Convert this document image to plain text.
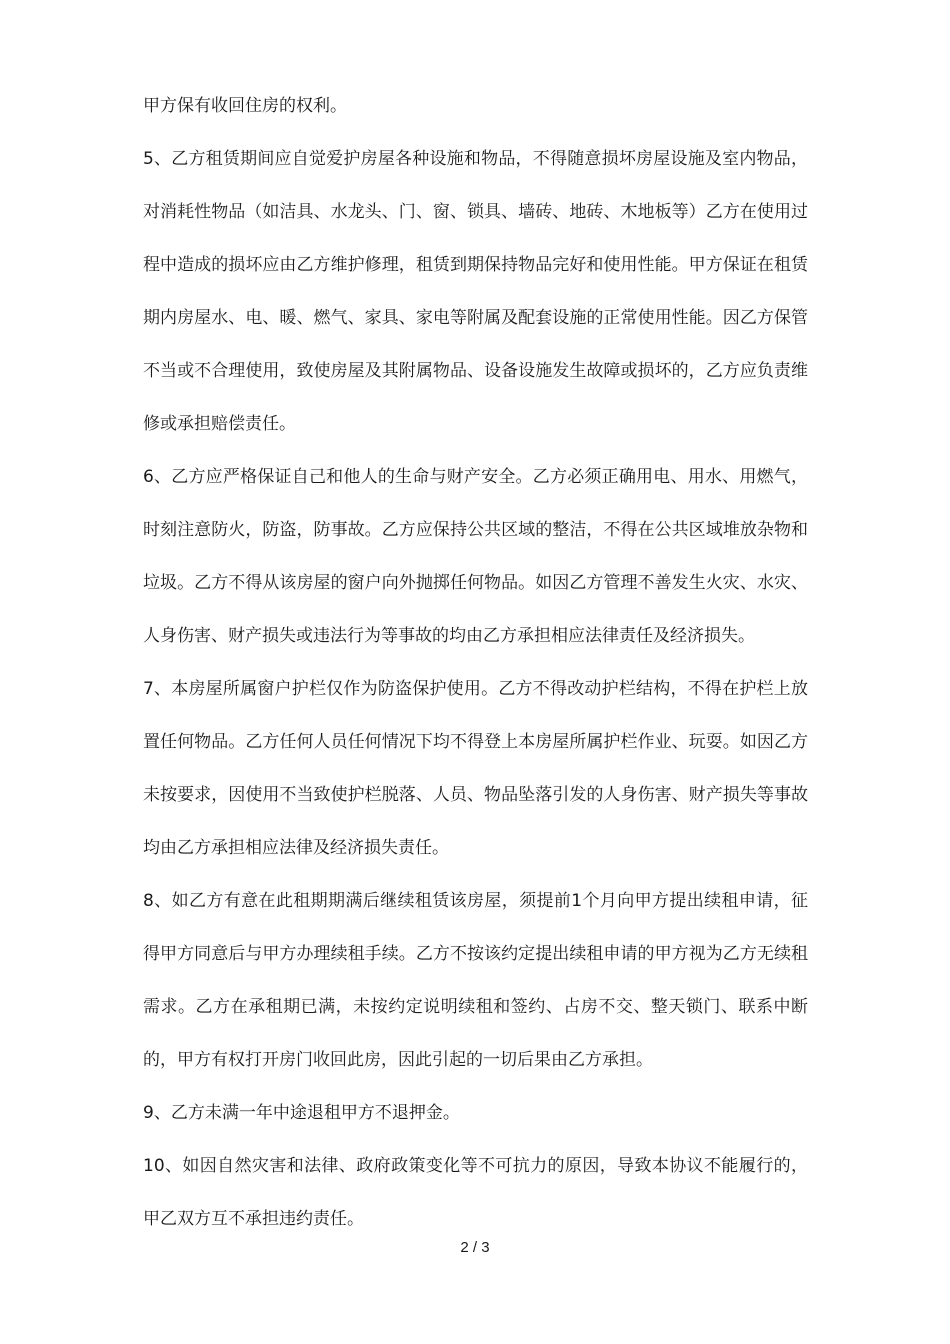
甲方保有收回住房的权利。

5、乙方租赁期间应自觉爱护房屋各种设施和物品，不得随意损坏房屋设施及室内物品，对消耗性物品（如洁具、水龙头、门、窗、锁具、墙砖、地砖、木地板等）乙方在使用过程中造成的损坏应由乙方维护修理，租赁到期保持物品完好和使用性能。甲方保证在租赁期内房屋水、电、暖、燃气、家具、家电等附属及配套设施的正常使用性能。因乙方保管不当或不合理使用，致使房屋及其附属物品、设备设施发生故障或损坏的，乙方应负责维修或承担赔偿责任。

6、乙方应严格保证自己和他人的生命与财产安全。乙方必须正确用电、用水、用燃气，时刻注意防火，防盗，防事故。乙方应保持公共区域的整洁，不得在公共区域堆放杂物和垃圾。乙方不得从该房屋的窗户向外抛掷任何物品。如因乙方管理不善发生火灾、水灾、人身伤害、财产损失或违法行为等事故的均由乙方承担相应法律责任及经济损失。

7、本房屋所属窗户护栏仅作为防盗保护使用。乙方不得改动护栏结构，不得在护栏上放置任何物品。乙方任何人员任何情况下均不得登上本房屋所属护栏作业、玩耍。如因乙方未按要求，因使用不当致使护栏脱落、人员、物品坠落引发的人身伤害、财产损失等事故均由乙方承担相应法律及经济损失责任。

8、如乙方有意在此租期期满后继续租赁该房屋，须提前1个月向甲方提出续租申请，征得甲方同意后与甲方办理续租手续。乙方不按该约定提出续租申请的甲方视为乙方无续租需求。乙方在承租期已满，未按约定说明续租和签约、占房不交、整天锁门、联系中断的，甲方有权打开房门收回此房，因此引起的一切后果由乙方承担。

9、乙方未满一年中途退租甲方不退押金。

10、如因自然灾害和法律、政府政策变化等不可抗力的原因，导致本协议不能履行的，甲乙双方互不承担违约责任。

2 / 3
